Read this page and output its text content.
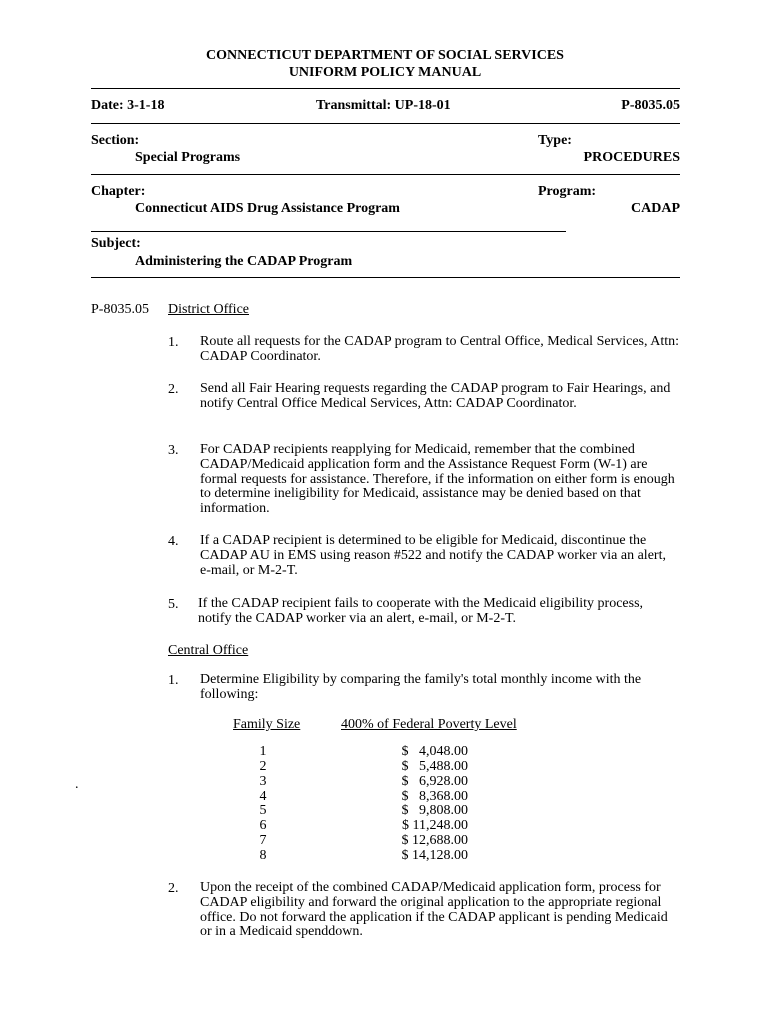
CONNECTICUT DEPARTMENT OF SOCIAL SERVICES
UNIFORM POLICY MANUAL
Date: 3-1-18	Transmittal: UP-18-01	P-8035.05
Section:
Special Programs
Type:
PROCEDURES
Chapter:
Connecticut AIDS Drug Assistance Program
Program:
CADAP
Subject:
Administering the CADAP Program
P-8035.05 District Office
1.	Route all requests for the CADAP program to Central Office, Medical Services, Attn: CADAP Coordinator.
2.	Send all Fair Hearing requests regarding the CADAP program to Fair Hearings, and notify Central Office Medical Services, Attn: CADAP Coordinator.
3.	For CADAP recipients reapplying for Medicaid, remember that the combined CADAP/Medicaid application form and the Assistance Request Form (W-1) are formal requests for assistance. Therefore, if the information on either form is enough to determine ineligibility for Medicaid, assistance may be denied based on that information.
4.	If a CADAP recipient is determined to be eligible for Medicaid, discontinue the CADAP AU in EMS using reason #522 and notify the CADAP worker via an alert, e-mail, or M-2-T.
5.	If the CADAP recipient fails to cooperate with the Medicaid eligibility process, notify the CADAP worker via an alert, e-mail, or M-2-T.
Central Office
1.	Determine Eligibility by comparing the family's total monthly income with the following:
Family Size	400% of Federal Poverty Level
1	$   4,048.00
2	$   5,488.00
3	$   6,928.00
4	$   8,368.00
5	$   9,808.00
6	$ 11,248.00
7	$ 12,688.00
8	$ 14,128.00
.
2.	Upon the receipt of the combined CADAP/Medicaid application form, process for CADAP eligibility and forward the original application to the appropriate regional office. Do not forward the application if the CADAP applicant is pending Medicaid or in a Medicaid spenddown.
